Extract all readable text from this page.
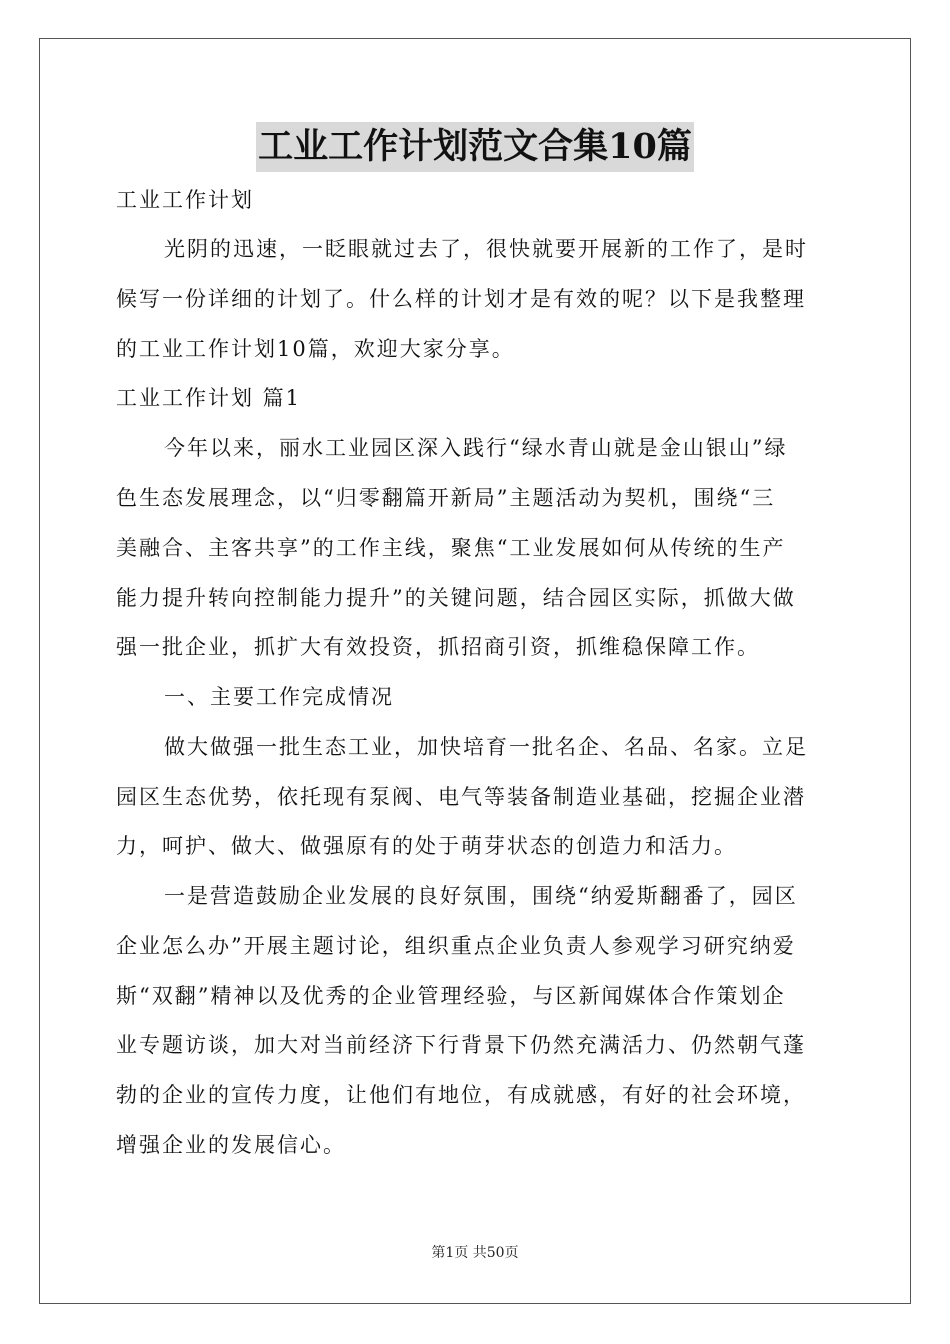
工业工作计划范文合集10篇
工业工作计划
光阴的迅速，一眨眼就过去了，很快就要开展新的工作了，是时
候写一份详细的计划了。什么样的计划才是有效的呢？以下是我整理
的工业工作计划10篇，欢迎大家分享。
工业工作计划 篇1
今年以来，丽水工业园区深入践行“绿水青山就是金山银山”绿
色生态发展理念，以“归零翻篇开新局”主题活动为契机，围绕“三
美融合、主客共享”的工作主线，聚焦“工业发展如何从传统的生产
能力提升转向控制能力提升”的关键问题，结合园区实际，抓做大做
强一批企业，抓扩大有效投资，抓招商引资，抓维稳保障工作。
一、主要工作完成情况
做大做强一批生态工业，加快培育一批名企、名品、名家。立足
园区生态优势，依托现有泵阀、电气等装备制造业基础，挖掘企业潜
力，呵护、做大、做强原有的处于萌芽状态的创造力和活力。
一是营造鼓励企业发展的良好氛围，围绕“纳爱斯翻番了，园区
企业怎么办”开展主题讨论，组织重点企业负责人参观学习研究纳爱
斯“双翻”精神以及优秀的企业管理经验，与区新闻媒体合作策划企
业专题访谈，加大对当前经济下行背景下仍然充满活力、仍然朝气蓬
勃的企业的宣传力度，让他们有地位，有成就感，有好的社会环境，
增强企业的发展信心。
第1页 共50页
